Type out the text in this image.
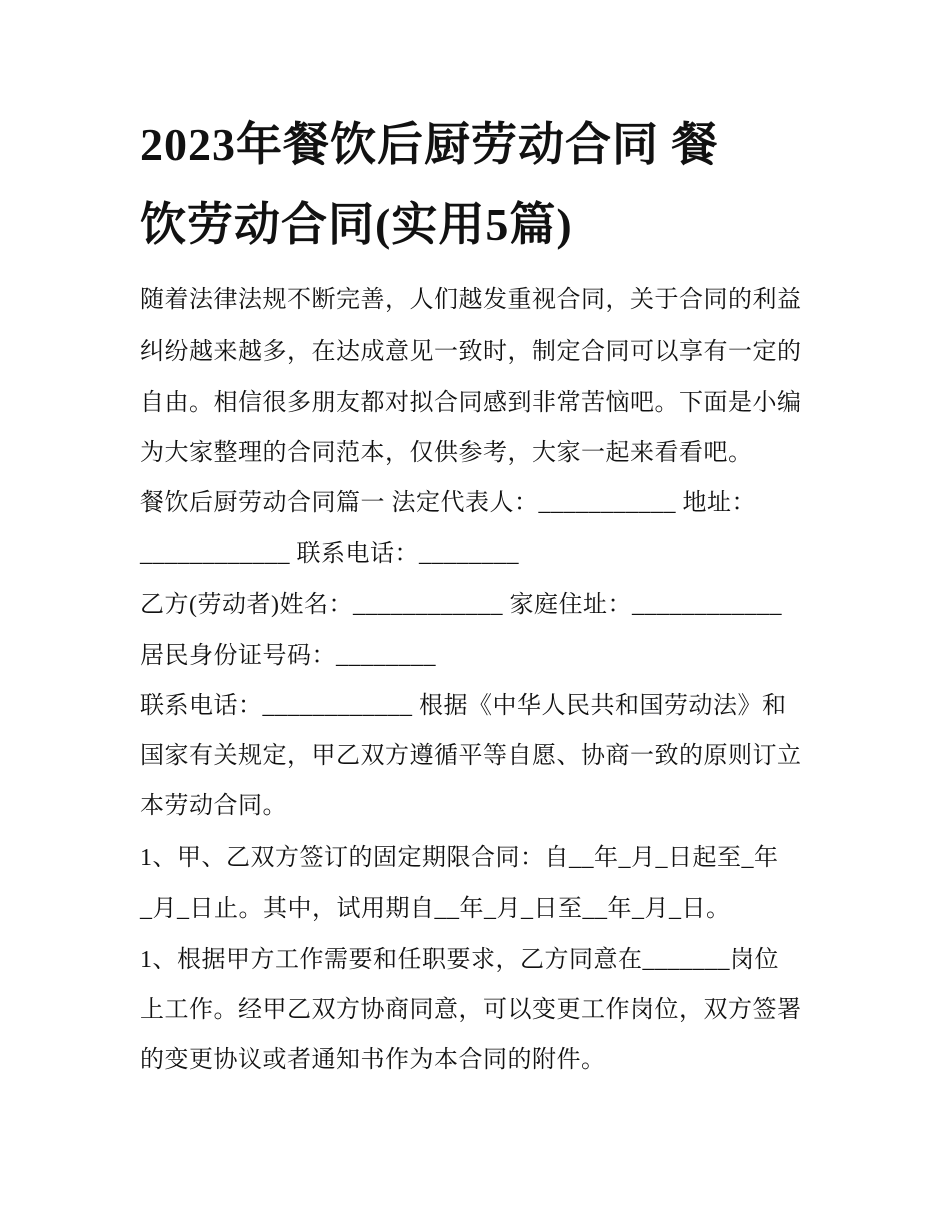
2023年餐饮后厨劳动合同 餐
饮劳动合同(实用5篇)
随着法律法规不断完善，人们越发重视合同，关于合同的利益
纠纷越来越多，在达成意见一致时，制定合同可以享有一定的
自由。相信很多朋友都对拟合同感到非常苦恼吧。下面是小编
为大家整理的合同范本，仅供参考，大家一起来看看吧。
餐饮后厨劳动合同篇一 法定代表人：___________ 地址：
____________ 联系电话：________
乙方(劳动者)姓名：____________ 家庭住址：____________
居民身份证号码：________
联系电话：____________ 根据《中华人民共和国劳动法》和
国家有关规定，甲乙双方遵循平等自愿、协商一致的原则订立
本劳动合同。
1、甲、乙双方签订的固定期限合同：自__年_月_日起至_年
_月_日止。其中，试用期自__年_月_日至__年_月_日。
1、根据甲方工作需要和任职要求，乙方同意在_______岗位
上工作。经甲乙双方协商同意，可以变更工作岗位，双方签署
的变更协议或者通知书作为本合同的附件。
